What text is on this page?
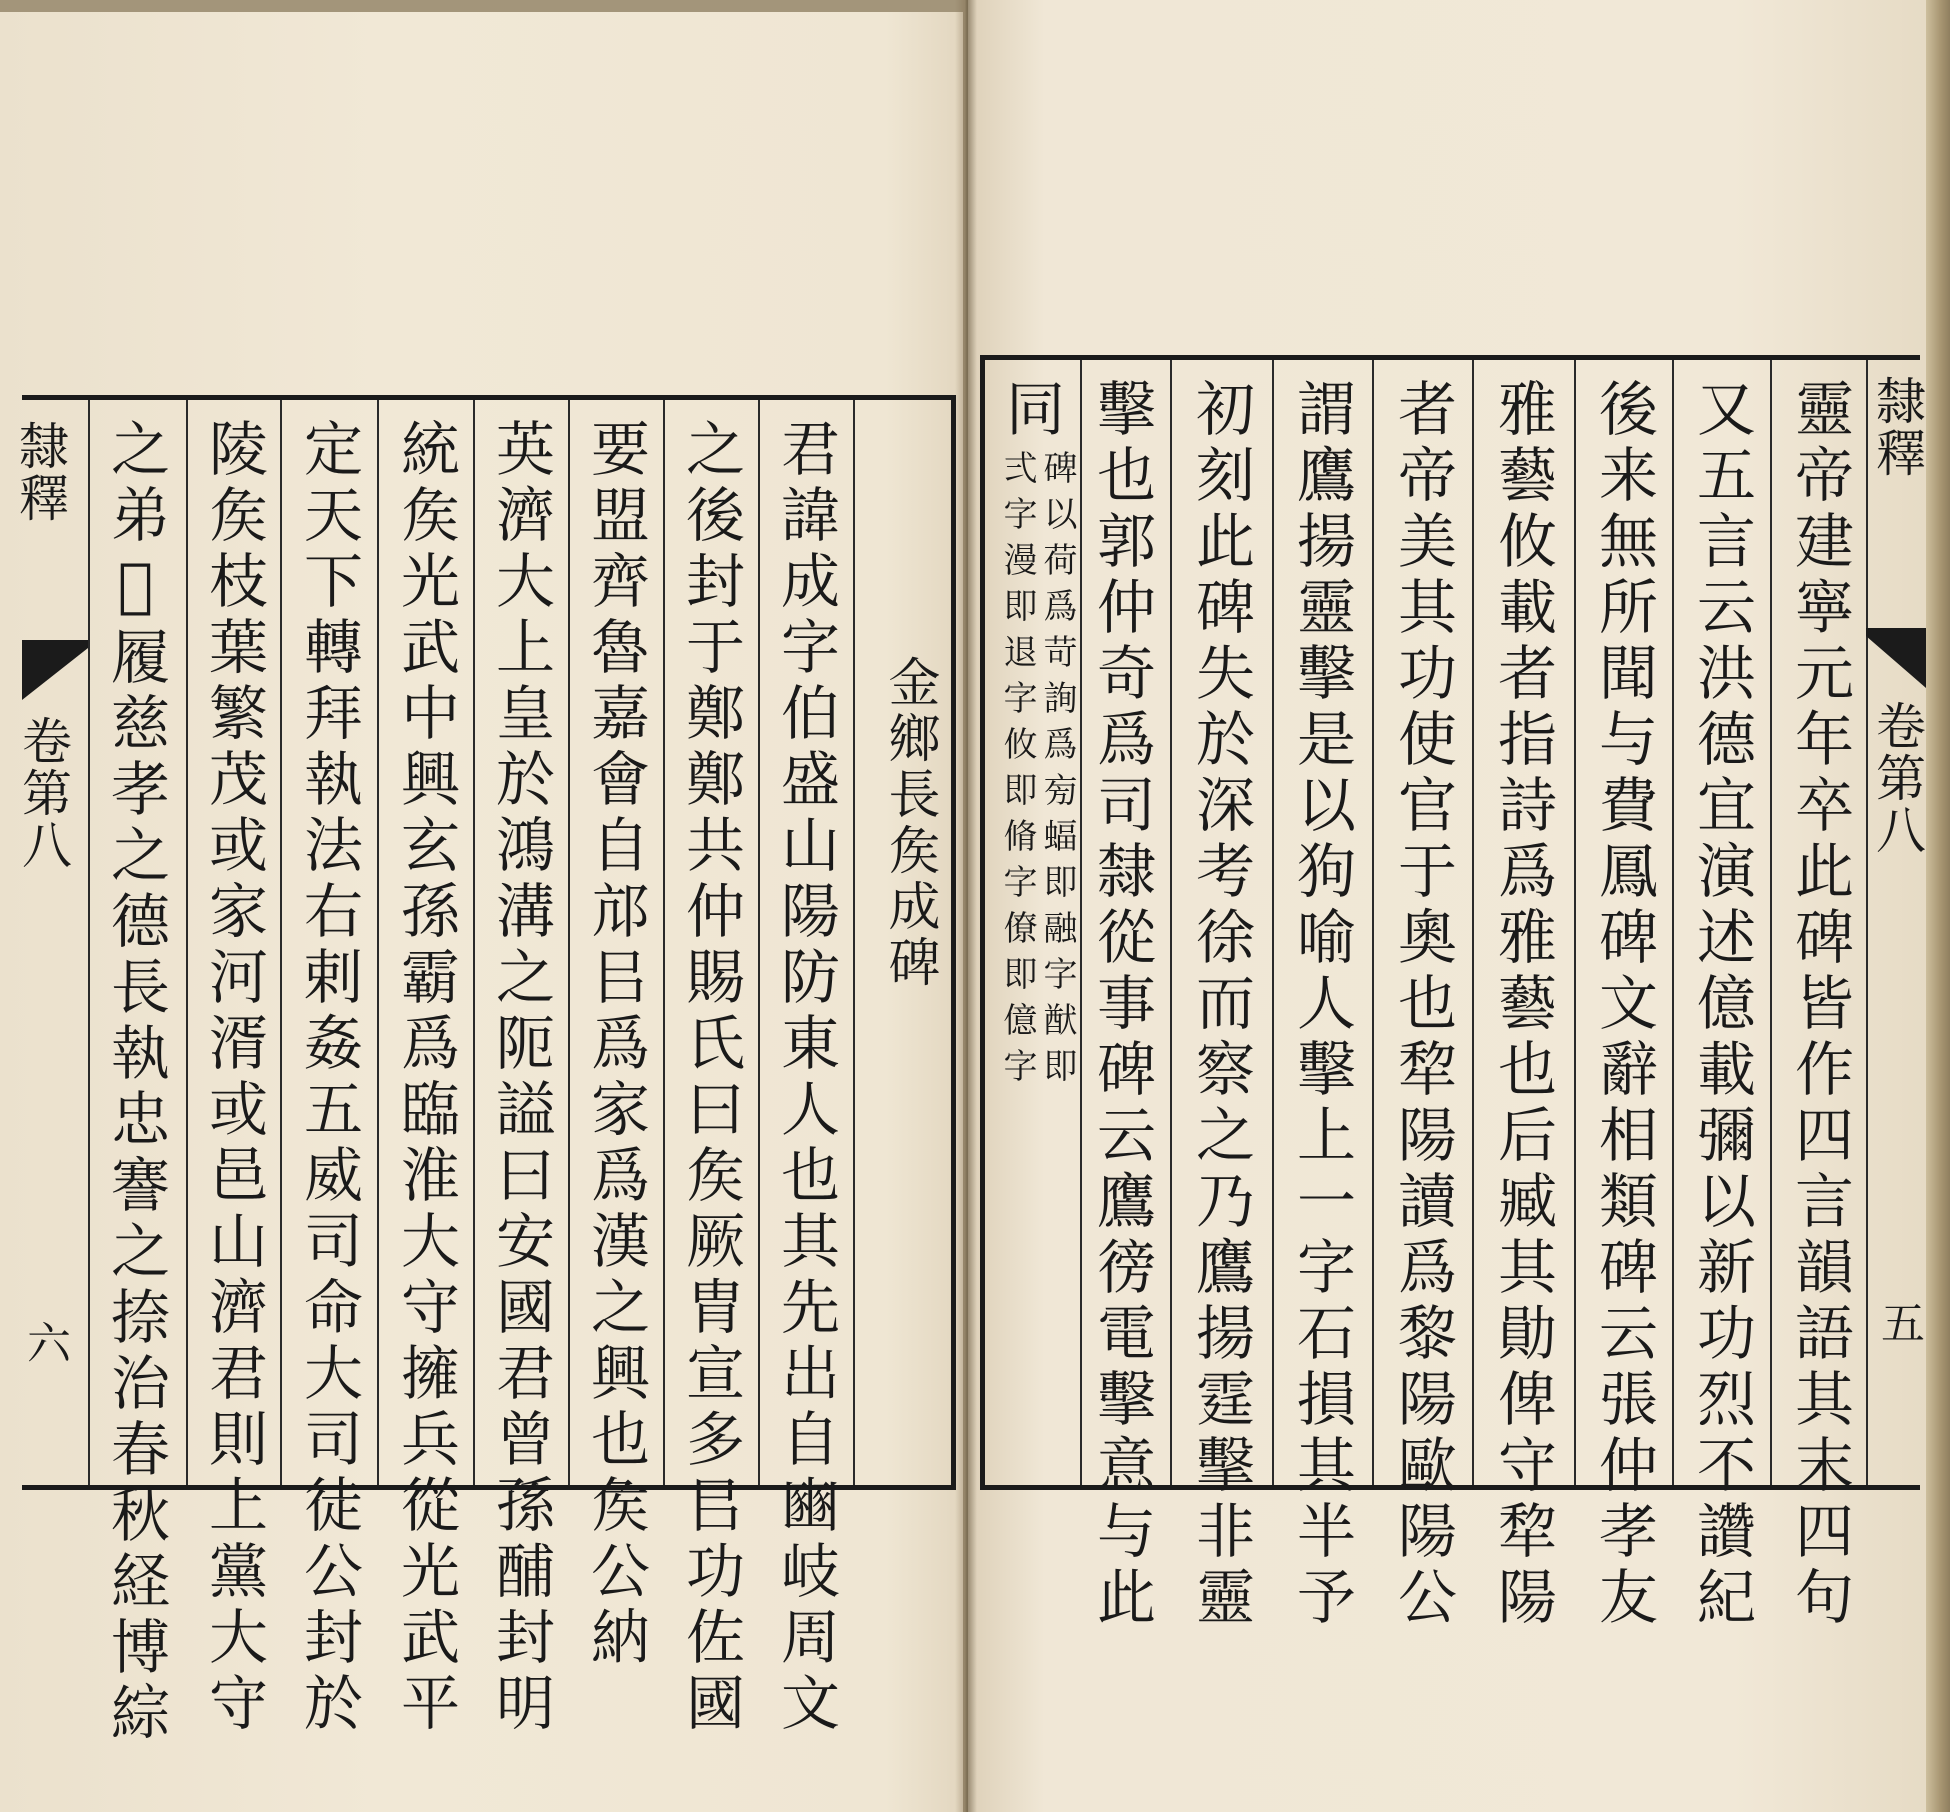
隸釋
卷第八
六
金鄉長矦成碑
君諱成字伯盛山陽防東人也其先出自豳岐周文
之後封于鄭鄭共仲賜氏曰矦厥胄宣多㠯功佐國
要盟齊魯嘉會自邟㠯爲家爲漢之興也矦公納
英濟大上皇於鴻溝之阨謚曰安國君曾孫酺封明
統矦光武中興玄孫霸爲臨淮大守擁兵從光武平
定天下轉拜執法右剌姦五威司命大司徒公封於
陵矦枝葉繁茂或家河湑或邑山濟君則上黨大守
之弟𠆧履慈孝之德長執忠謇之捺治春秋経博綜	靈帝建寧元年卒此碑皆作四言韻語其末四句
又五言云洪德宜演述億載彌以新功烈不讚紀
後来無所聞与費鳳碑文辭相類碑云張仲孝友
雅藝攸載者指詩爲雅藝也后臧其勛俾守犂陽
者帝美其功使官于奧也犂陽讀爲黎陽歐陽公
謂鷹揚靈擊是以狗喻人擊上一字石損其半予
初刻此碑失於深考徐而察之乃鷹揚霆擊非靈
擊也郭仲奇爲司隸從事碑云鷹徬電擊意与此
同
碑以荷爲苛詢爲㫄蝠即融字猷即
弍字漫即退字攸即脩字僚即億字
隸釋
卷第八
五
